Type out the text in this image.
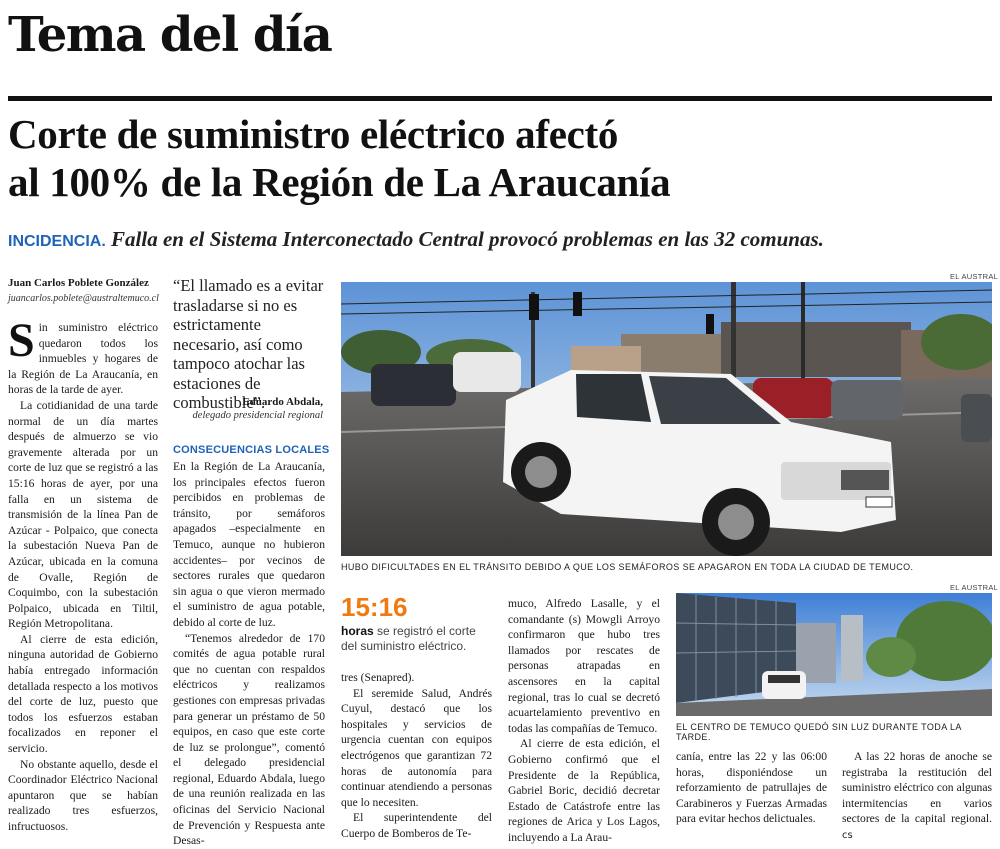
Tema del día
Corte de suministro eléctrico afectó
al 100% de la Región de La Araucanía
INCIDENCIA. Falla en el Sistema Interconectado Central provocó problemas en las 32 comunas.
Juan Carlos Poblete González
juancarlos.poblete@australtemuco.cl

Sin suministro eléctrico quedaron todos los inmuebles y hogares de la Región de La Araucanía, en horas de la tarde de ayer.

La cotidianidad de una tarde normal de un día martes después de almuerzo se vio gravemente alterada por un corte de luz que se registró a las 15:16 horas de ayer, por una falla en un sistema de transmisión de la línea Pan de Azúcar - Polpaico, que conecta la subestación Nueva Pan de Azúcar, ubicada en la comuna de Ovalle, Región de Coquimbo, con la subestación Polpaico, ubicada en Tiltil, Región Metropolitana.

Al cierre de esta edición, ninguna autoridad de Gobierno había entregado información detallada respecto a los motivos del corte de luz, puesto que todos los esfuerzos estaban focalizados en reponer el servicio.

No obstante aquello, desde el Coordinador Eléctrico Nacional apuntaron que se habían realizado tres esfuerzos, infructuosos.

“El llamado es a evitar trasladarse si no es estrictamente necesario, así como tampoco atochar las estaciones de combustible”.
Eduardo Abdala,
delegado presidencial regional
CONSECUENCIAS LOCALES

En la Región de La Araucanía, los principales efectos fueron percibidos en problemas de tránsito, por semáforos apagados –especialmente en Temuco, aunque no hubieron accidentes– por vecinos de sectores rurales que quedaron sin agua o que vieron mermado el suministro de agua potable, debido al corte de luz.

“Tenemos alrededor de 170 comités de agua potable rural que no cuentan con respaldos eléctricos y realizamos gestiones con empresas privadas para generar un préstamo de 50 equipos, en caso que este corte de luz se prolongue”, comentó el delegado presidencial regional, Eduardo Abdala, luego de una reunión realizada en las oficinas del Servicio Nacional de Prevención y Respuesta ante Desas-

EL AUSTRAL
HUBO DIFICULTADES EN EL TRÁNSITO DEBIDO A QUE LOS SEMÁFOROS SE APAGARON EN TODA LA CIUDAD DE TEMUCO.
15:16
horas se registró el corte del suministro eléctrico.

tres (Senapred).

El seremide Salud, Andrés Cuyul, destacó que los hospitales y servicios de urgencia cuentan con equipos electrógenos que garantizan 72 horas de autonomía para continuar atendiendo a personas que lo necesiten.

El superintendente del Cuerpo de Bomberos de Te-

muco, Alfredo Lasalle, y el comandante (s) Mowgli Arroyo confirmaron que hubo tres llamados por rescates de personas atrapadas en ascensores en la capital regional, tras lo cual se decretó acuartelamiento preventivo en todas las compañías de Temuco.

Al cierre de esta edición, el Gobierno confirmó que el Presidente de la República, Gabriel Boric, decidió decretar Estado de Catástrofe entre las regiones de Arica y Los Lagos, incluyendo a La Arau-

EL AUSTRAL
EL CENTRO DE TEMUCO QUEDÓ SIN LUZ DURANTE TODA LA TARDE.

canía, entre las 22 y las 06:00 horas, disponiéndose un reforzamiento de patrullajes de Carabineros y Fuerzas Armadas para evitar hechos delictuales.

A las 22 horas de anoche se registraba la restitución del suministro eléctrico con algunas intermitencias en varios sectores de la capital regional. cs
